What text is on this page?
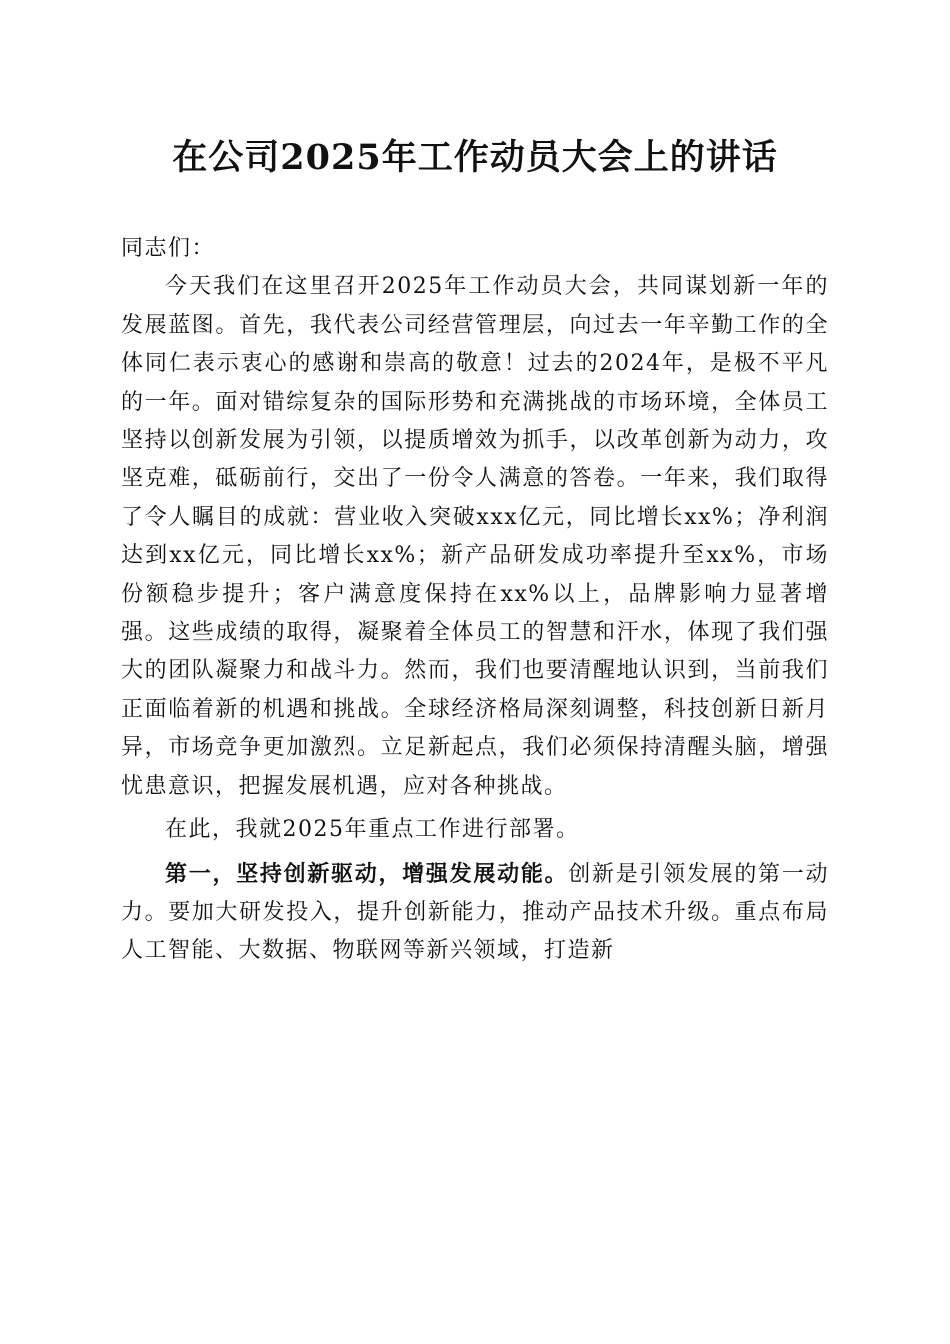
在公司2025年工作动员大会上的讲话

同志们：

今天我们在这里召开2025年工作动员大会，共同谋划新一年的发展蓝图。首先，我代表公司经营管理层，向过去一年辛勤工作的全体同仁表示衷心的感谢和崇高的敬意！过去的2024年，是极不平凡的一年。面对错综复杂的国际形势和充满挑战的市场环境，全体员工坚持以创新发展为引领，以提质增效为抓手，以改革创新为动力，攻坚克难，砥砺前行，交出了一份令人满意的答卷。一年来，我们取得了令人瞩目的成就：营业收入突破xxx亿元，同比增长xx%；净利润达到xx亿元，同比增长xx%；新产品研发成功率提升至xx%，市场份额稳步提升；客户满意度保持在xx%以上，品牌影响力显著增强。这些成绩的取得，凝聚着全体员工的智慧和汗水，体现了我们强大的团队凝聚力和战斗力。然而，我们也要清醒地认识到，当前我们正面临着新的机遇和挑战。全球经济格局深刻调整，科技创新日新月异，市场竞争更加激烈。立足新起点，我们必须保持清醒头脑，增强忧患意识，把握发展机遇，应对各种挑战。

在此，我就2025年重点工作进行部署。

第一，坚持创新驱动，增强发展动能。创新是引领发展的第一动力。要加大研发投入，提升创新能力，推动产品技术升级。重点布局人工智能、大数据、物联网等新兴领域，打造新
